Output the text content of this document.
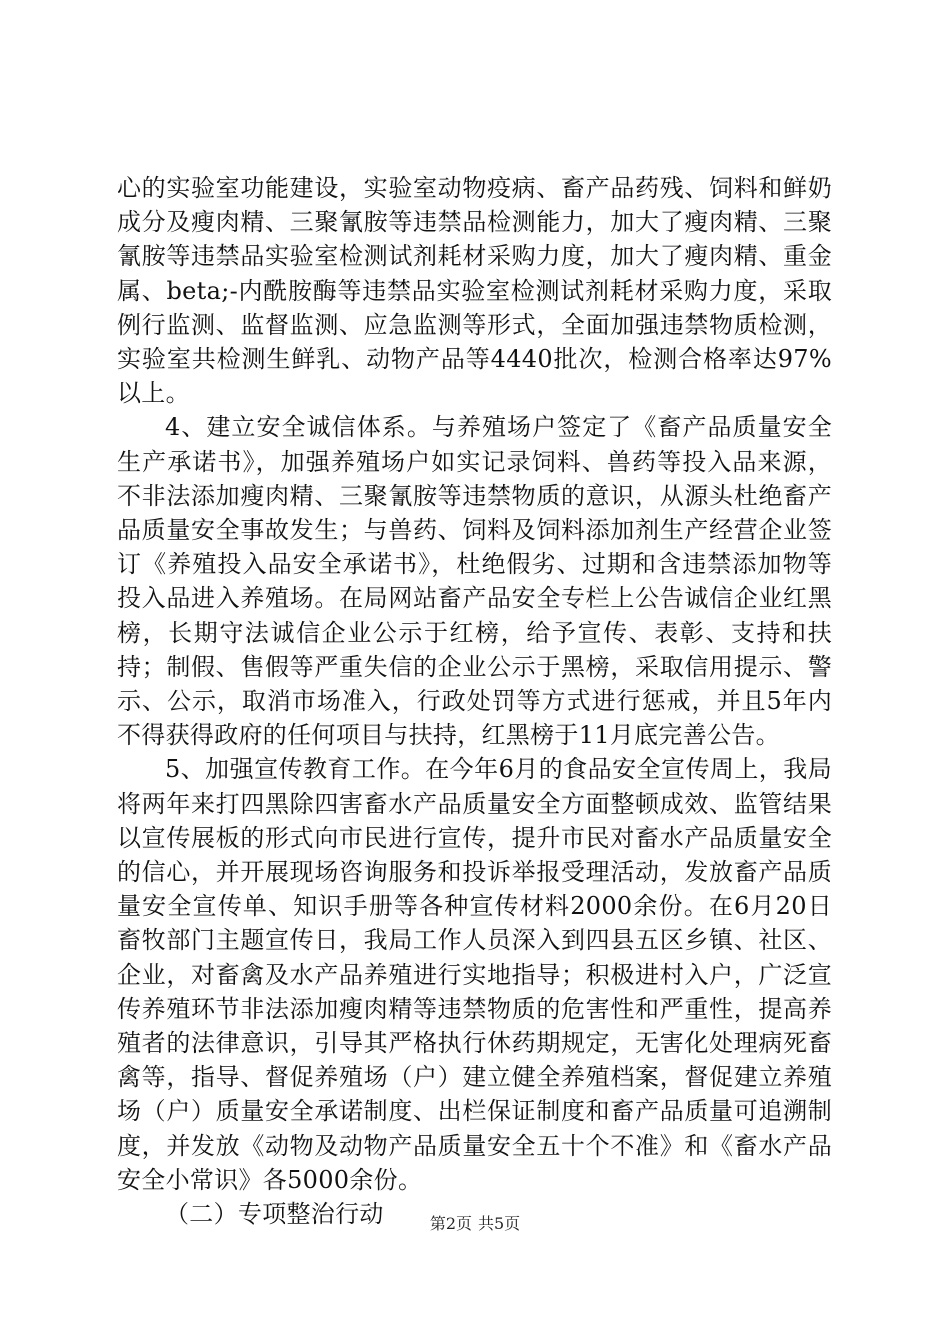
心的实验室功能建设，实验室动物疫病、畜产品药残、饲料和鲜奶成分及瘦肉精、三聚氰胺等违禁品检测能力，加大了瘦肉精、三聚氰胺等违禁品实验室检测试剂耗材采购力度，加大了瘦肉精、重金属、beta;-内酰胺酶等违禁品实验室检测试剂耗材采购力度，采取例行监测、监督监测、应急监测等形式，全面加强违禁物质检测，实验室共检测生鲜乳、动物产品等4440批次，检测合格率达97%以上。

4、建立安全诚信体系。与养殖场户签定了《畜产品质量安全生产承诺书》，加强养殖场户如实记录饲料、兽药等投入品来源，不非法添加瘦肉精、三聚氰胺等违禁物质的意识，从源头杜绝畜产品质量安全事故发生；与兽药、饲料及饲料添加剂生产经营企业签订《养殖投入品安全承诺书》，杜绝假劣、过期和含违禁添加物等投入品进入养殖场。在局网站畜产品安全专栏上公告诚信企业红黑榜，长期守法诚信企业公示于红榜，给予宣传、表彰、支持和扶持；制假、售假等严重失信的企业公示于黑榜，采取信用提示、警示、公示，取消市场准入，行政处罚等方式进行惩戒，并且5年内不得获得政府的任何项目与扶持，红黑榜于11月底完善公告。

5、加强宣传教育工作。在今年6月的食品安全宣传周上，我局将两年来打四黑除四害畜水产品质量安全方面整顿成效、监管结果以宣传展板的形式向市民进行宣传，提升市民对畜水产品质量安全的信心，并开展现场咨询服务和投诉举报受理活动，发放畜产品质量安全宣传单、知识手册等各种宣传材料2000余份。在6月20日畜牧部门主题宣传日，我局工作人员深入到四县五区乡镇、社区、企业，对畜禽及水产品养殖进行实地指导；积极进村入户，广泛宣传养殖环节非法添加瘦肉精等违禁物质的危害性和严重性，提高养殖者的法律意识，引导其严格执行休药期规定，无害化处理病死畜禽等，指导、督促养殖场（户）建立健全养殖档案，督促建立养殖场（户）质量安全承诺制度、出栏保证制度和畜产品质量可追溯制度，并发放《动物及动物产品质量安全五十个不准》和《畜水产品安全小常识》各5000余份。

（二）专项整治行动	第2页 共5页
